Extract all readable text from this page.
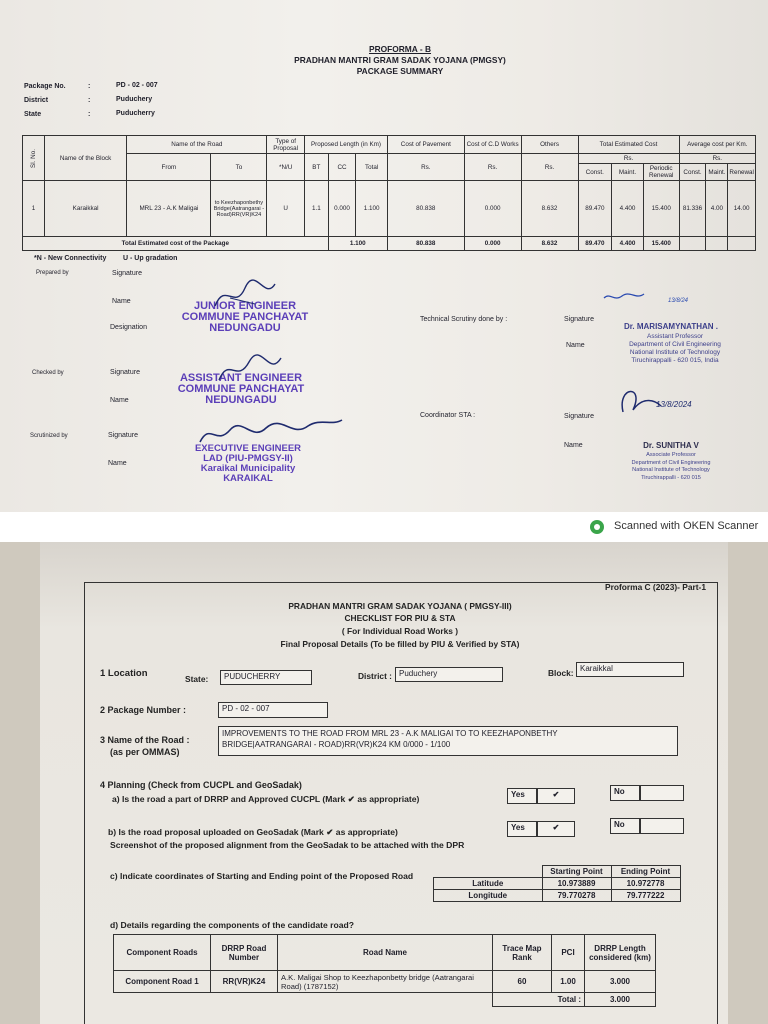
PROFORMA - B
PRADHAN MANTRI GRAM SADAK YOJANA (PMGSY)
PACKAGE SUMMARY
Package No.	:	PD - 02 - 007
District	:	Puduchery
State	:	Puducherry
Sl. No.	Name of the Block	Name of the Road		Type of Proposal	Proposed Length (in Km)			Cost of Pavement	Cost of C.D Works	Others	Total Estimated Cost			Average cost per Km.		
		From	To	*N/U	BT	CC	Total	Rs.	Rs.	Rs.	Rs.			Rs.		
											Const.	Maint.	Periodic Renewal	Const.	Maint.	Renewal
1	Karaikkal	MRL 23 - A.K Maligai	to Keezhaponbethy Bridge(Aatrangarai - Road)RR(VR)K24	U	1.1	0.000	1.100	80.838	0.000	8.632	89.470	4.400	15.400	81.336	4.00	14.00
Total Estimated cost of the Package						1.100		80.838	0.000	8.632	89.470	4.400	15.400			
*N - New Connectivity U - Up gradation
Prepared by	Signature
Name
Designation
Checked by	Signature
Name
Scrutinized by	Signature
Name
JUNIOR ENGINEER
COMMUNE PANCHAYAT
NEDUNGADU
ASSISTANT ENGINEER
COMMUNE PANCHAYAT
NEDUNGADU
EXECUTIVE ENGINEER
LAD (PIU-PMGSY-II)
Karaikal Municipality
KARAIKAL
Technical Scrutiny done by :
Coordinator STA :
Signature
Name
Signature
Name
13/8/24
Dr. MARISAMYNATHAN .
Assistant Professor
Department of Civil Engineering
National Institute of Technology
Tiruchirappalli - 620 015, India
13/8/2024
Dr. SUNITHA V
Associate Professor
Department of Civil Engineering
National Institute of Technology
Tiruchirappalli - 620 015
Scanned with OKEN Scanner
Proforma C (2023)- Part-1
PRADHAN MANTRI GRAM SADAK YOJANA ( PMGSY-III)
CHECKLIST FOR PIU & STA
( For Individual Road Works )
Final Proposal Details (To be filled by PIU & Verified by STA)
1 Location	State:	PUDUCHERRY	District : Puduchery	Block: Karaikkal
2 Package Number :	PD - 02 - 007
3 Name of the Road :
(as per OMMAS)
IMPROVEMENTS TO THE ROAD FROM MRL 23 - A.K MALIGAI TO TO KEEZHAPONBETHY
BRIDGE|AATRANGARAI - ROAD)RR(VR)K24 KM 0/000 - 1/100
4 Planning (Check from CUCPL and GeoSadak)
a) Is the road a part of DRRP and Approved CUCPL (Mark ✔ as appropriate)	Yes	✔	No
b) Is the road proposal uploaded on GeoSadak (Mark ✔ as appropriate)	Yes	✔	No
Screenshot of the proposed alignment from the GeoSadak to be attached with the DPR
c) Indicate coordinates of Starting and Ending point of the Proposed Road
		Starting Point	Ending Point
Latitude	10.973889	10.972778
Longitude	79.770278	79.777222
d) Details regarding the components of the candidate road?
Component Roads	DRRP Road Number	Road Name	Trace Map Rank	PCI	DRRP Length considered (km)
Component Road 1	RR(VR)K24	A.K. Maligai Shop to Keezhaponbetty bridge (Aatrangarai Road) (1787152)	60	1.00	3.000
			Total :		3.000
